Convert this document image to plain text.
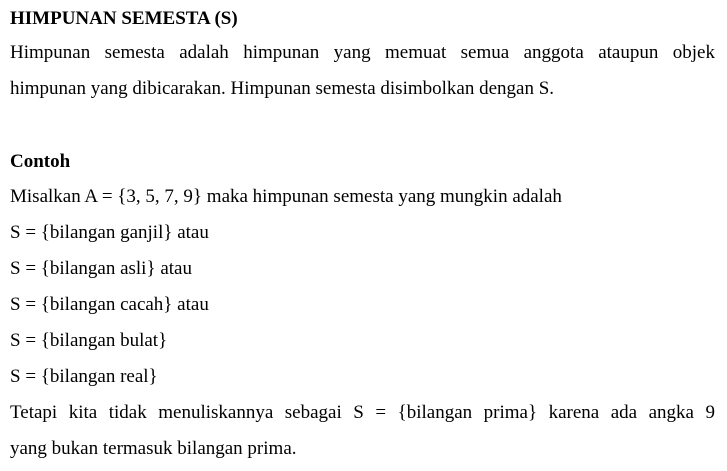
HIMPUNAN SEMESTA (S)

Himpunan semesta adalah himpunan yang memuat semua anggota ataupun objek

himpunan yang dibicarakan. Himpunan semesta disimbolkan dengan S.

Contoh

Misalkan A = {3, 5, 7, 9} maka himpunan semesta yang mungkin adalah

S = {bilangan ganjil} atau

S = {bilangan asli} atau

S = {bilangan cacah} atau

S = {bilangan bulat}

S = {bilangan real}

Tetapi kita tidak menuliskannya sebagai S = {bilangan prima} karena ada angka 9

yang bukan termasuk bilangan prima.
